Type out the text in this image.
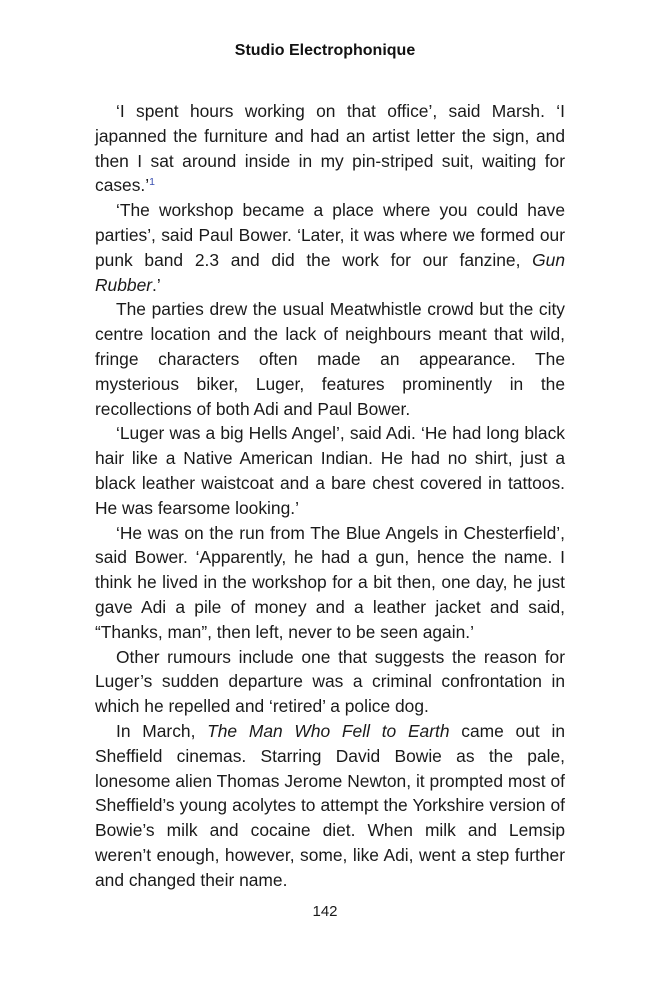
Studio Electrophonique

‘I spent hours working on that office’, said Marsh. ‘I japanned the furniture and had an artist letter the sign, and then I sat around inside in my pin-striped suit, waiting for cases.’$^1$

‘The workshop became a place where you could have parties’, said Paul Bower. ‘Later, it was where we formed our punk band 2.3 and did the work for our fanzine, Gun Rubber.’

The parties drew the usual Meatwhistle crowd but the city centre location and the lack of neighbours meant that wild, fringe characters often made an appearance. The mysterious biker, Luger, features prominently in the recollections of both Adi and Paul Bower.

‘Luger was a big Hells Angel’, said Adi. ‘He had long black hair like a Native American Indian. He had no shirt, just a black leather waistcoat and a bare chest covered in tattoos. He was fearsome looking.’

‘He was on the run from The Blue Angels in Chesterfield’, said Bower. ‘Apparently, he had a gun, hence the name. I think he lived in the workshop for a bit then, one day, he just gave Adi a pile of money and a leather jacket and said, “Thanks, man”, then left, never to be seen again.’

Other rumours include one that suggests the reason for Luger’s sudden departure was a criminal confrontation in which he repelled and ‘retired’ a police dog.

In March, The Man Who Fell to Earth came out in Sheffield cinemas. Starring David Bowie as the pale, lonesome alien Thomas Jerome Newton, it prompted most of Sheffield’s young acolytes to attempt the Yorkshire version of Bowie’s milk and cocaine diet. When milk and Lemsip weren’t enough, however, some, like Adi, went a step further and changed their name.

142
